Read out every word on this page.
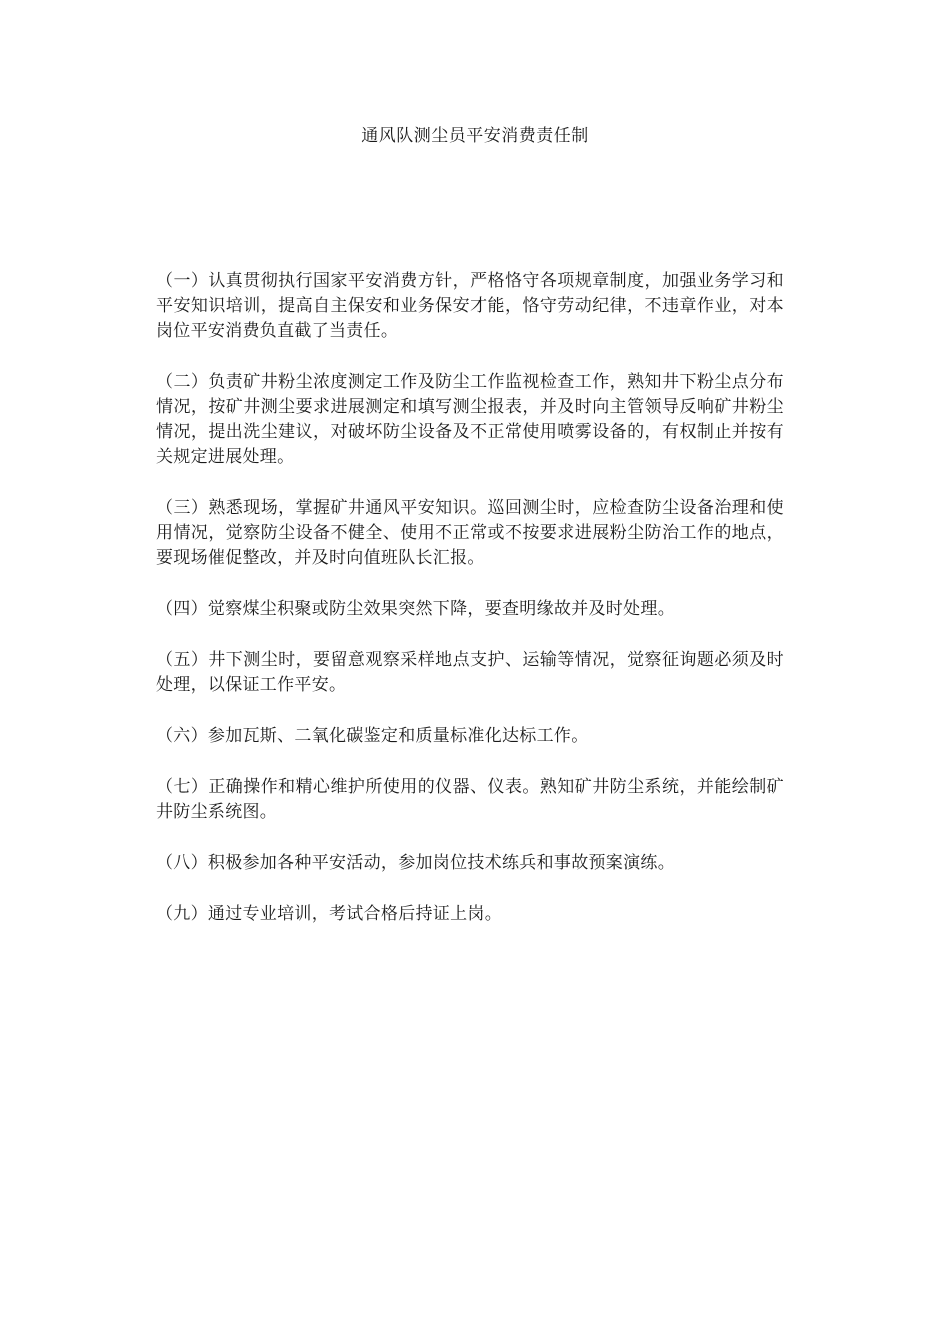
通风队测尘员平安消费责任制

（一）认真贯彻执行国家平安消费方针，严格恪守各项规章制度，加强业务学习和平安知识培训，提高自主保安和业务保安才能，恪守劳动纪律，不违章作业，对本岗位平安消费负直截了当责任。

（二）负责矿井粉尘浓度测定工作及防尘工作监视检查工作，熟知井下粉尘点分布情况，按矿井测尘要求进展测定和填写测尘报表，并及时向主管领导反响矿井粉尘情况，提出洗尘建议，对破坏防尘设备及不正常使用喷雾设备的，有权制止并按有关规定进展处理。

（三）熟悉现场，掌握矿井通风平安知识。巡回测尘时，应检查防尘设备治理和使用情况，觉察防尘设备不健全、使用不正常或不按要求进展粉尘防治工作的地点，要现场催促整改，并及时向值班队长汇报。

（四）觉察煤尘积聚或防尘效果突然下降，要查明缘故并及时处理。

（五）井下测尘时，要留意观察采样地点支护、运输等情况，觉察征询题必须及时处理，以保证工作平安。

（六）参加瓦斯、二氧化碳鉴定和质量标准化达标工作。

（七）正确操作和精心维护所使用的仪器、仪表。熟知矿井防尘系统，并能绘制矿井防尘系统图。

（八）积极参加各种平安活动，参加岗位技术练兵和事故预案演练。

（九）通过专业培训，考试合格后持证上岗。
